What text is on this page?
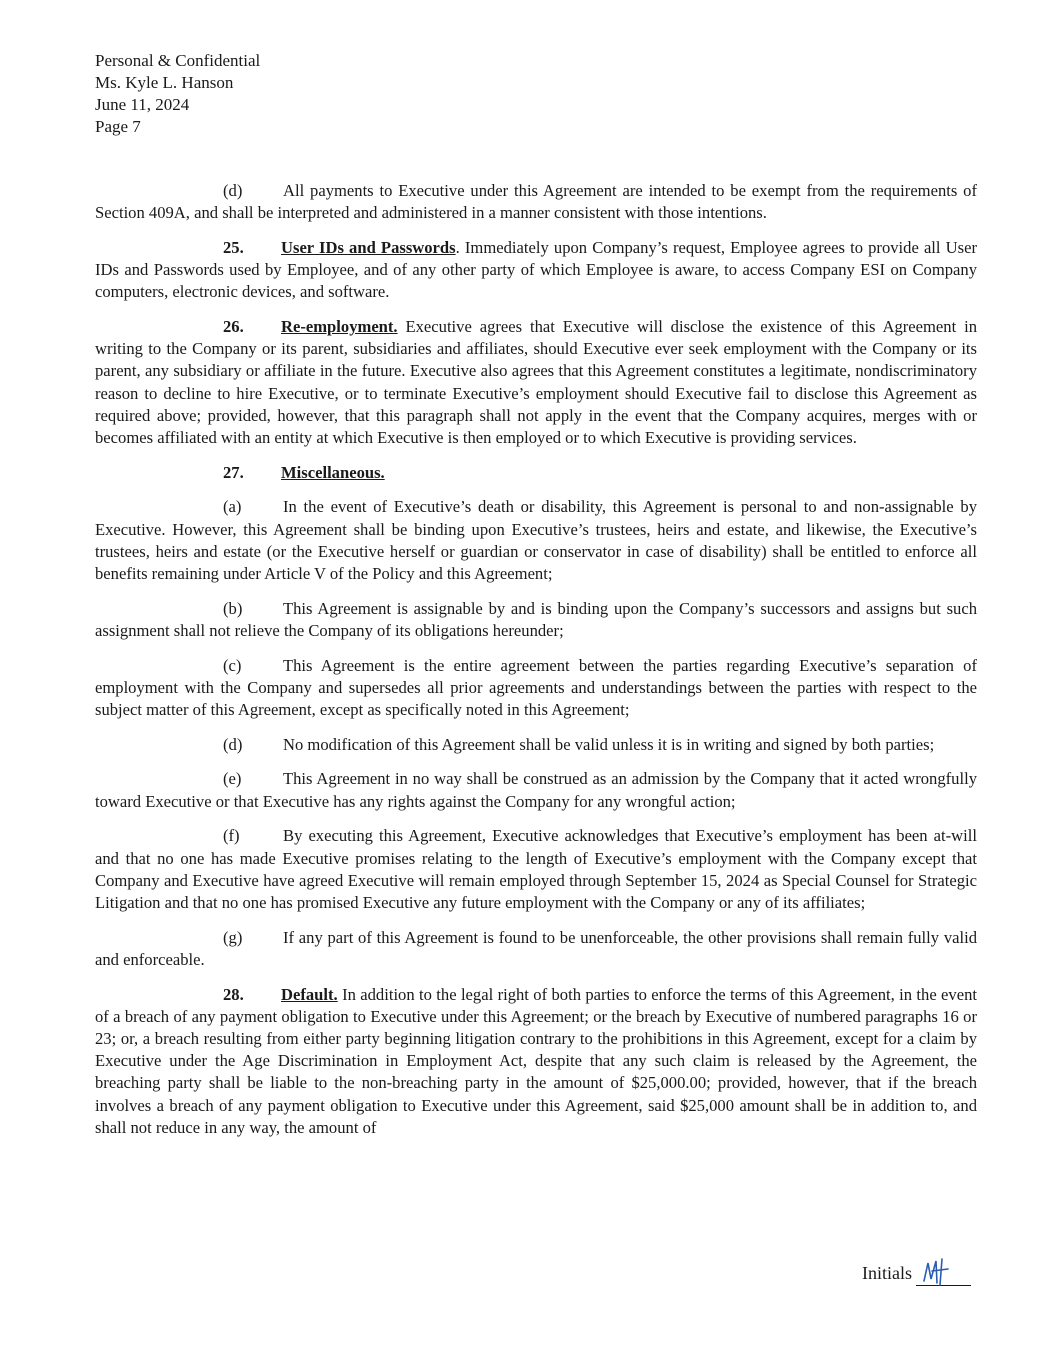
Personal & Confidential
Ms. Kyle L. Hanson
June 11, 2024
Page 7

(d) All payments to Executive under this Agreement are intended to be exempt from the requirements of Section 409A, and shall be interpreted and administered in a manner consistent with those intentions.

25. User IDs and Passwords. Immediately upon Company’s request, Employee agrees to provide all User IDs and Passwords used by Employee, and of any other party of which Employee is aware, to access Company ESI on Company computers, electronic devices, and software.

26. Re-employment. Executive agrees that Executive will disclose the existence of this Agreement in writing to the Company or its parent, subsidiaries and affiliates, should Executive ever seek employment with the Company or its parent, any subsidiary or affiliate in the future. Executive also agrees that this Agreement constitutes a legitimate, nondiscriminatory reason to decline to hire Executive, or to terminate Executive’s employment should Executive fail to disclose this Agreement as required above; provided, however, that this paragraph shall not apply in the event that the Company acquires, merges with or becomes affiliated with an entity at which Executive is then employed or to which Executive is providing services.

27. Miscellaneous.

(a)	In the event of Executive’s death or disability, this Agreement is personal to and non-assignable by Executive. However, this Agreement shall be binding upon Executive’s trustees, heirs and estate, and likewise, the Executive’s trustees, heirs and estate (or the Executive herself or guardian or conservator in case of disability) shall be entitled to enforce all benefits remaining under Article V of the Policy and this Agreement;

(b) This Agreement is assignable by and is binding upon the Company’s successors and assigns but such assignment shall not relieve the Company of its obligations hereunder;

(c)	This Agreement is the entire agreement between the parties regarding Executive’s separation of employment with the Company and supersedes all prior agreements and understandings between the parties with respect to the subject matter of this Agreement, except as specifically noted in this Agreement;

(d) No modification of this Agreement shall be valid unless it is in writing and signed by both parties;

(e)	This Agreement in no way shall be construed as an admission by the Company that it acted wrongfully toward Executive or that Executive has any rights against the Company for any wrongful action;

(f)	By executing this Agreement, Executive acknowledges that Executive’s employment has been at-will and that no one has made Executive promises relating to the length of Executive’s employment with the Company except that Company and Executive have agreed Executive will remain employed through September 15, 2024 as Special Counsel for Strategic Litigation and that no one has promised Executive any future employment with the Company or any of its affiliates;

(g) If any part of this Agreement is found to be unenforceable, the other provisions shall remain fully valid and enforceable.

28. Default. In addition to the legal right of both parties to enforce the terms of this Agreement, in the event of a breach of any payment obligation to Executive under this Agreement; or the breach by Executive of numbered paragraphs 16 or 23; or, a breach resulting from either party beginning litigation contrary to the prohibitions in this Agreement, except for a claim by Executive under the Age Discrimination in Employment Act, despite that any such claim is released by the Agreement, the breaching party shall be liable to the non-breaching party in the amount of $25,000.00; provided, however, that if the breach involves a breach of any payment obligation to Executive under this Agreement, said $25,000 amount shall be in addition to, and shall not reduce in any way, the amount of

Initials
